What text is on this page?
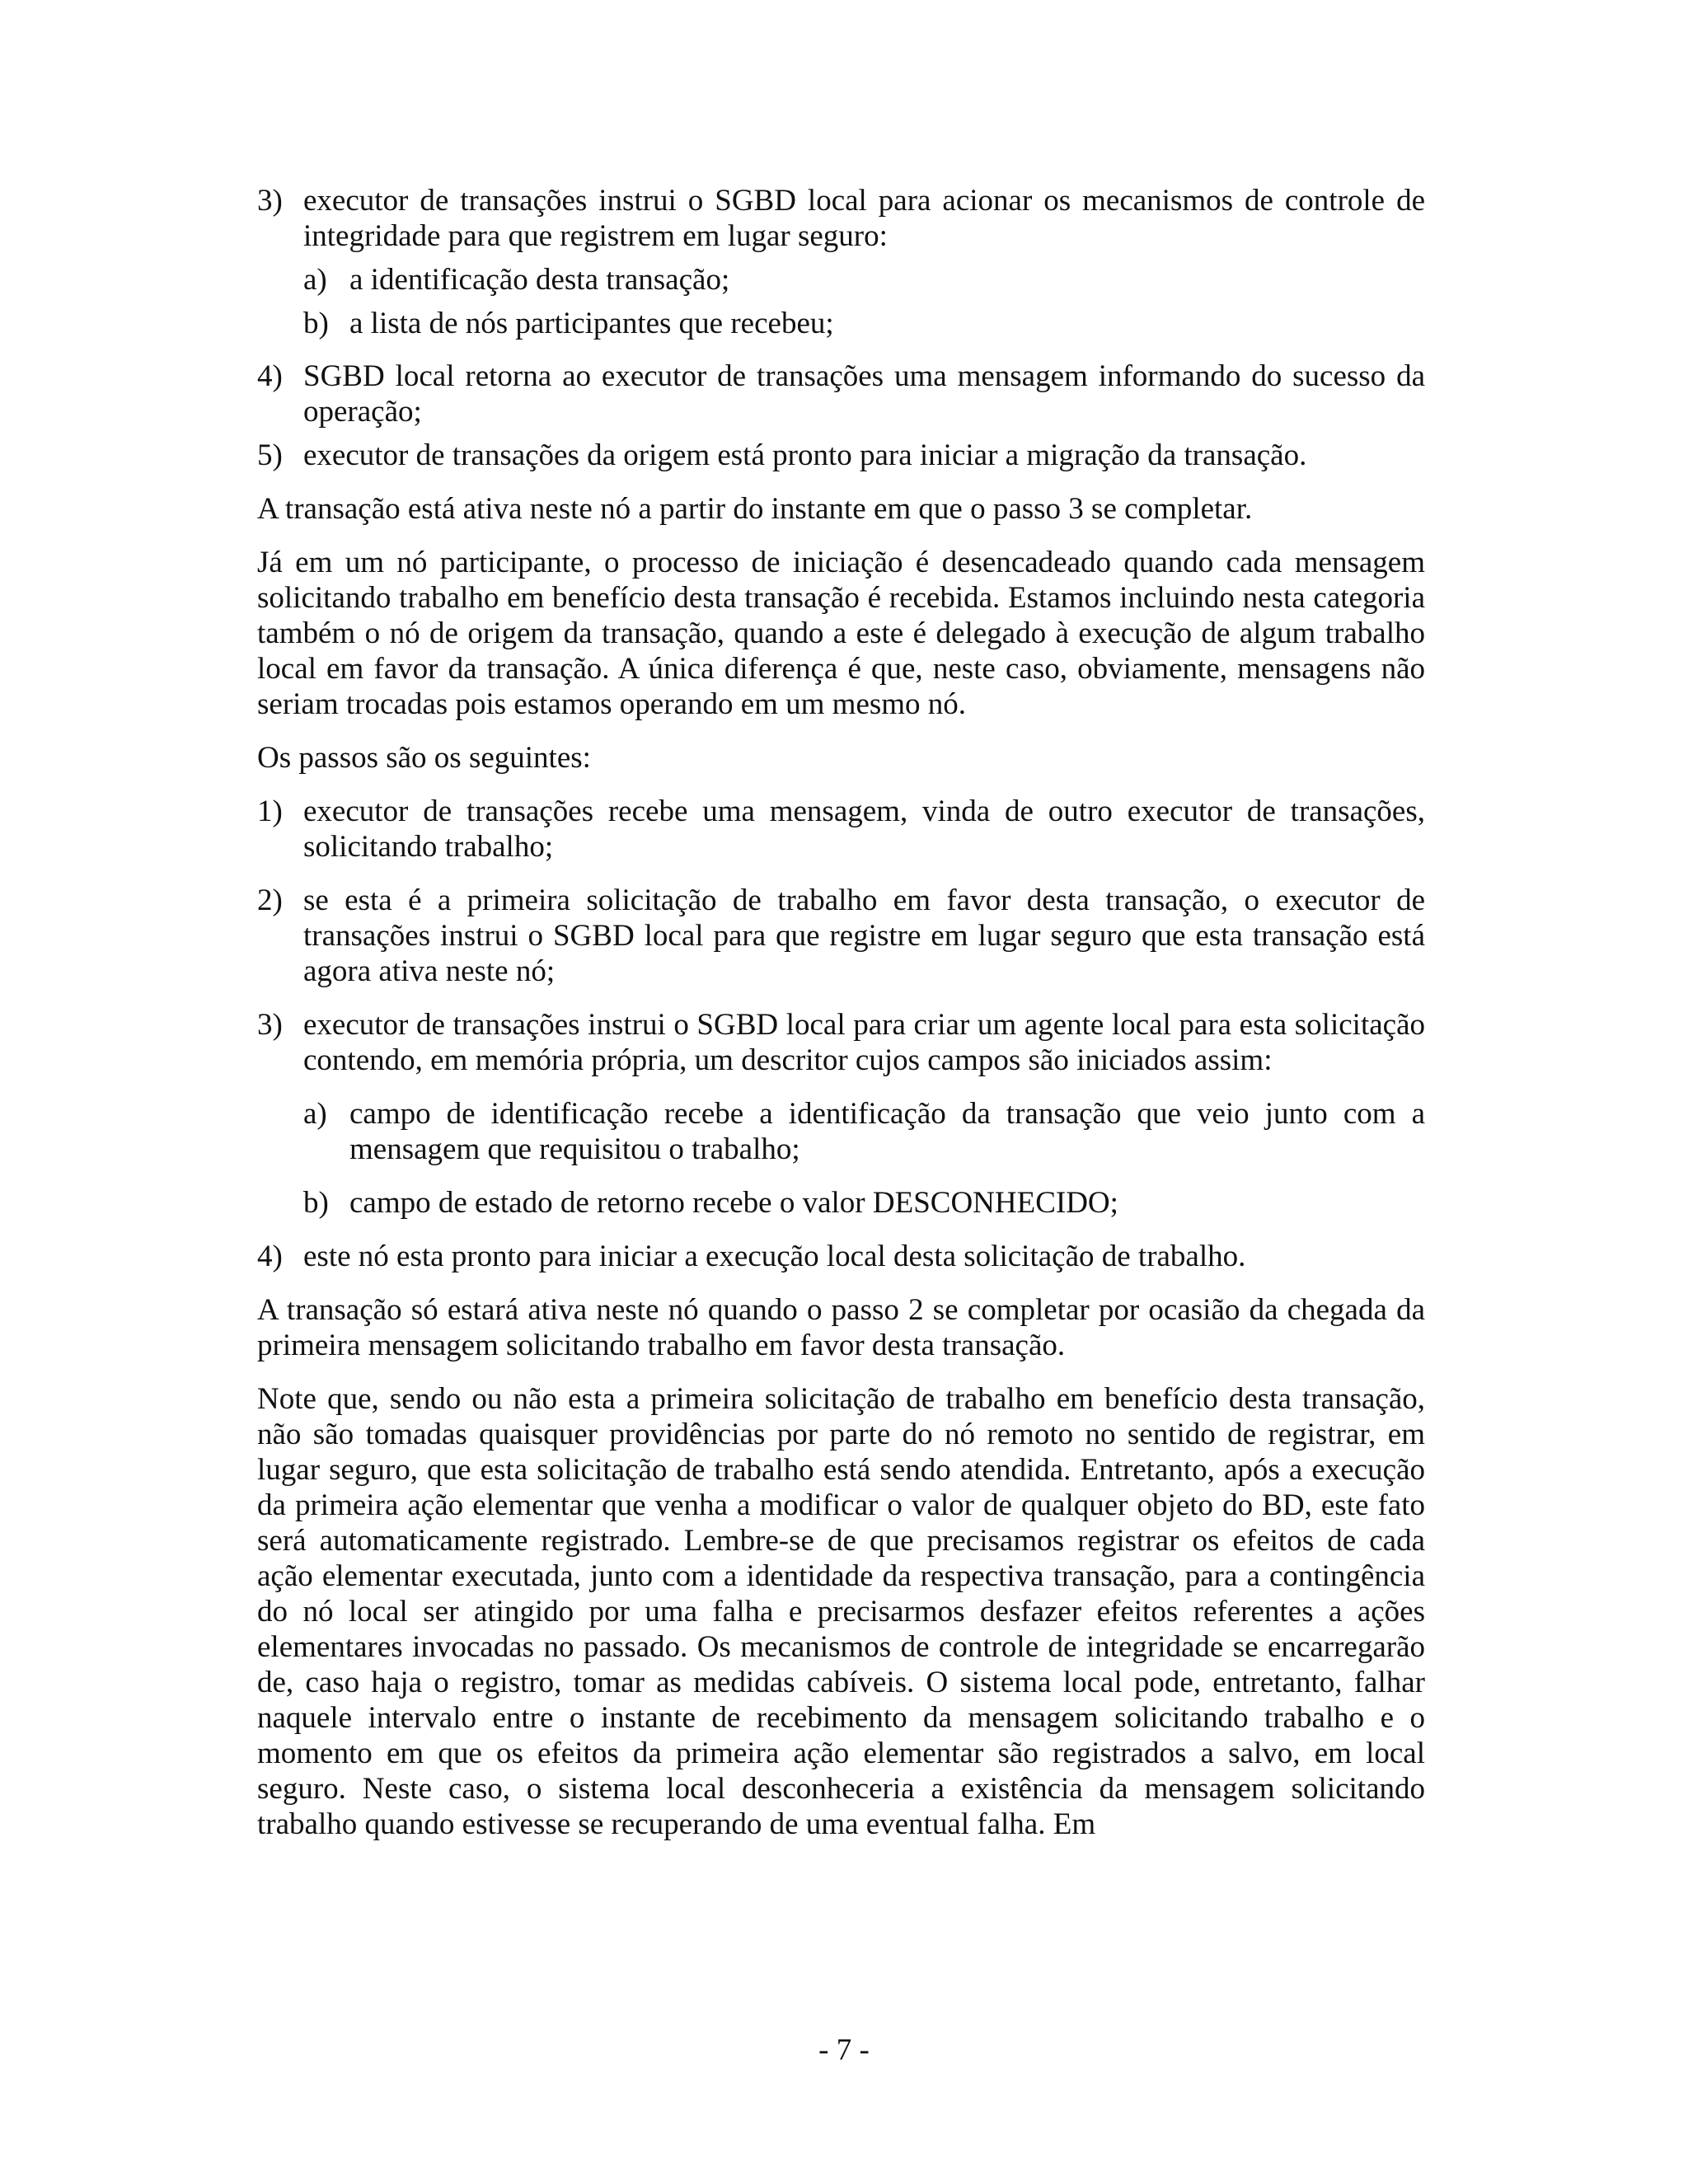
3) executor de transações instrui o SGBD local para acionar os mecanismos de controle de integridade para que registrem em lugar seguro:
a) a identificação desta transação;
b) a lista de nós participantes que recebeu;
4) SGBD local retorna ao executor de transações uma mensagem informando do sucesso da operação;
5) executor de transações da origem está pronto para iniciar a migração da transação.

A transação está ativa neste nó a partir do instante em que o passo 3 se completar.

Já em um nó participante, o processo de iniciação é desencadeado quando cada mensagem solicitando trabalho em benefício desta transação é recebida. Estamos incluindo nesta categoria também o nó de origem da transação, quando a este é delegado à execução de algum trabalho local em favor da transação. A única diferença é que, neste caso, obviamente, mensagens não seriam trocadas pois estamos operando em um mesmo nó.

Os passos são os seguintes:

1) executor de transações recebe uma mensagem, vinda de outro executor de transações, solicitando trabalho;
2) se esta é a primeira solicitação de trabalho em favor desta transação, o executor de transações instrui o SGBD local para que registre em lugar seguro que esta transação está agora ativa neste nó;
3) executor de transações instrui o SGBD local para criar um agente local para esta solicitação contendo, em memória própria, um descritor cujos campos são iniciados assim:
a) campo de identificação recebe a identificação da transação que veio junto com a mensagem que requisitou o trabalho;
b) campo de estado de retorno recebe o valor DESCONHECIDO;
4) este nó esta pronto para iniciar a execução local desta solicitação de trabalho.

A transação só estará ativa neste nó quando o passo 2 se completar por ocasião da chegada da primeira mensagem solicitando trabalho em favor desta transação.

Note que, sendo ou não esta a primeira solicitação de trabalho em benefício desta transação, não são tomadas quaisquer providências por parte do nó remoto no sentido de registrar, em lugar seguro, que esta solicitação de trabalho está sendo atendida. Entretanto, após a execução da primeira ação elementar que venha a modificar o valor de qualquer objeto do BD, este fato será automaticamente registrado. Lembre-se de que precisamos registrar os efeitos de cada ação elementar executada, junto com a identidade da respectiva transação, para a contingência do nó local ser atingido por uma falha e precisarmos desfazer efeitos referentes a ações elementares invocadas no passado. Os mecanismos de controle de integridade se encarregarão de, caso haja o registro, tomar as medidas cabíveis. O sistema local pode, entretanto, falhar naquele intervalo entre o instante de recebimento da mensagem solicitando trabalho e o momento em que os efeitos da primeira ação elementar são registrados a salvo, em local seguro. Neste caso, o sistema local desconheceria a existência da mensagem solicitando trabalho quando estivesse se recuperando de uma eventual falha. Em

- 7 -
